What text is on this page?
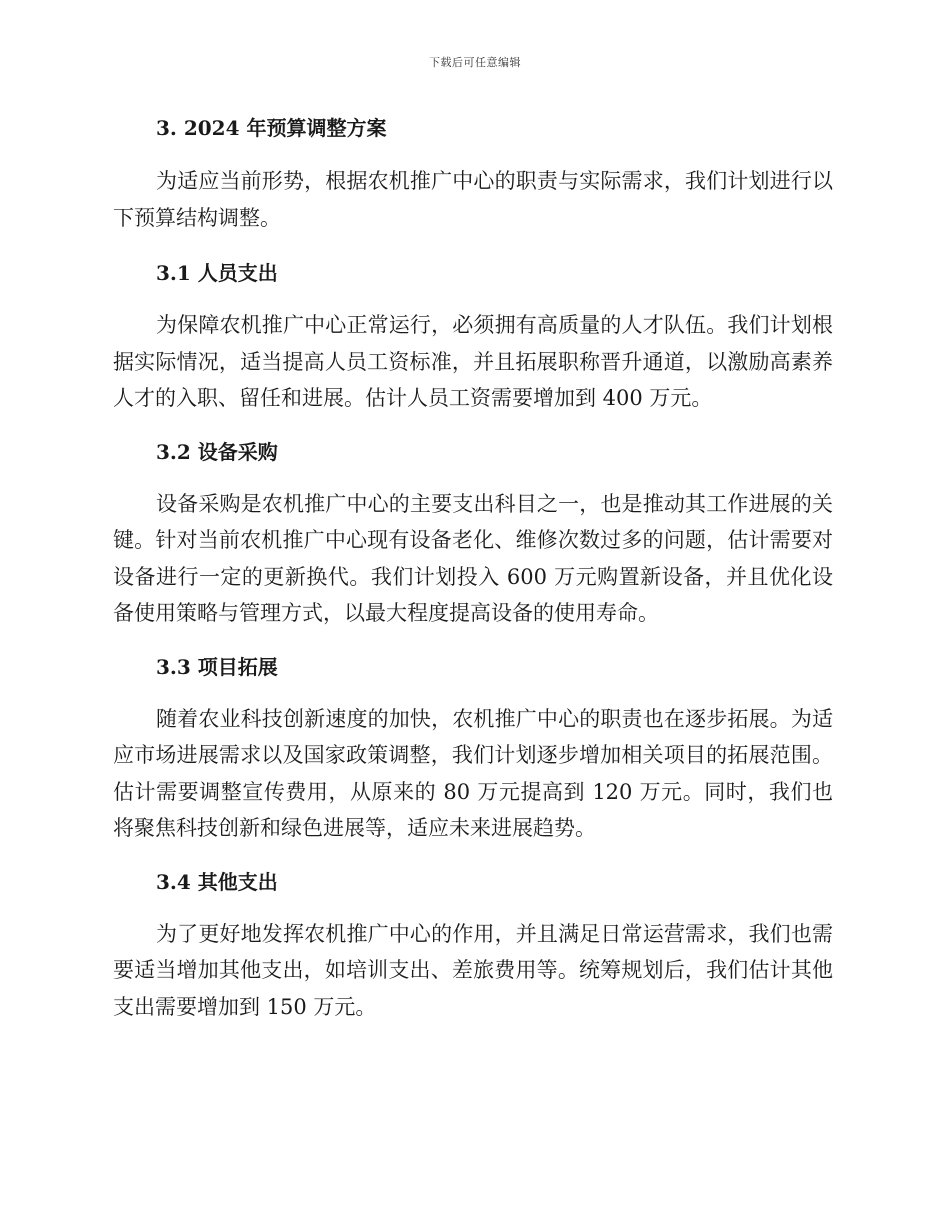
下载后可任意编辑

3. 2024 年预算调整方案

为适应当前形势，根据农机推广中心的职责与实际需求，我们计划进行以下预算结构调整。

3.1 人员支出

为保障农机推广中心正常运行，必须拥有高质量的人才队伍。我们计划根据实际情况，适当提高人员工资标准，并且拓展职称晋升通道，以激励高素养人才的入职、留任和进展。估计人员工资需要增加到 400 万元。

3.2 设备采购

设备采购是农机推广中心的主要支出科目之一，也是推动其工作进展的关键。针对当前农机推广中心现有设备老化、维修次数过多的问题，估计需要对设备进行一定的更新换代。我们计划投入 600 万元购置新设备，并且优化设备使用策略与管理方式，以最大程度提高设备的使用寿命。

3.3 项目拓展

随着农业科技创新速度的加快，农机推广中心的职责也在逐步拓展。为适应市场进展需求以及国家政策调整，我们计划逐步增加相关项目的拓展范围。估计需要调整宣传费用，从原来的 80 万元提高到 120 万元。同时，我们也将聚焦科技创新和绿色进展等，适应未来进展趋势。

3.4 其他支出

为了更好地发挥农机推广中心的作用，并且满足日常运营需求，我们也需要适当增加其他支出，如培训支出、差旅费用等。统筹规划后，我们估计其他支出需要增加到 150 万元。
